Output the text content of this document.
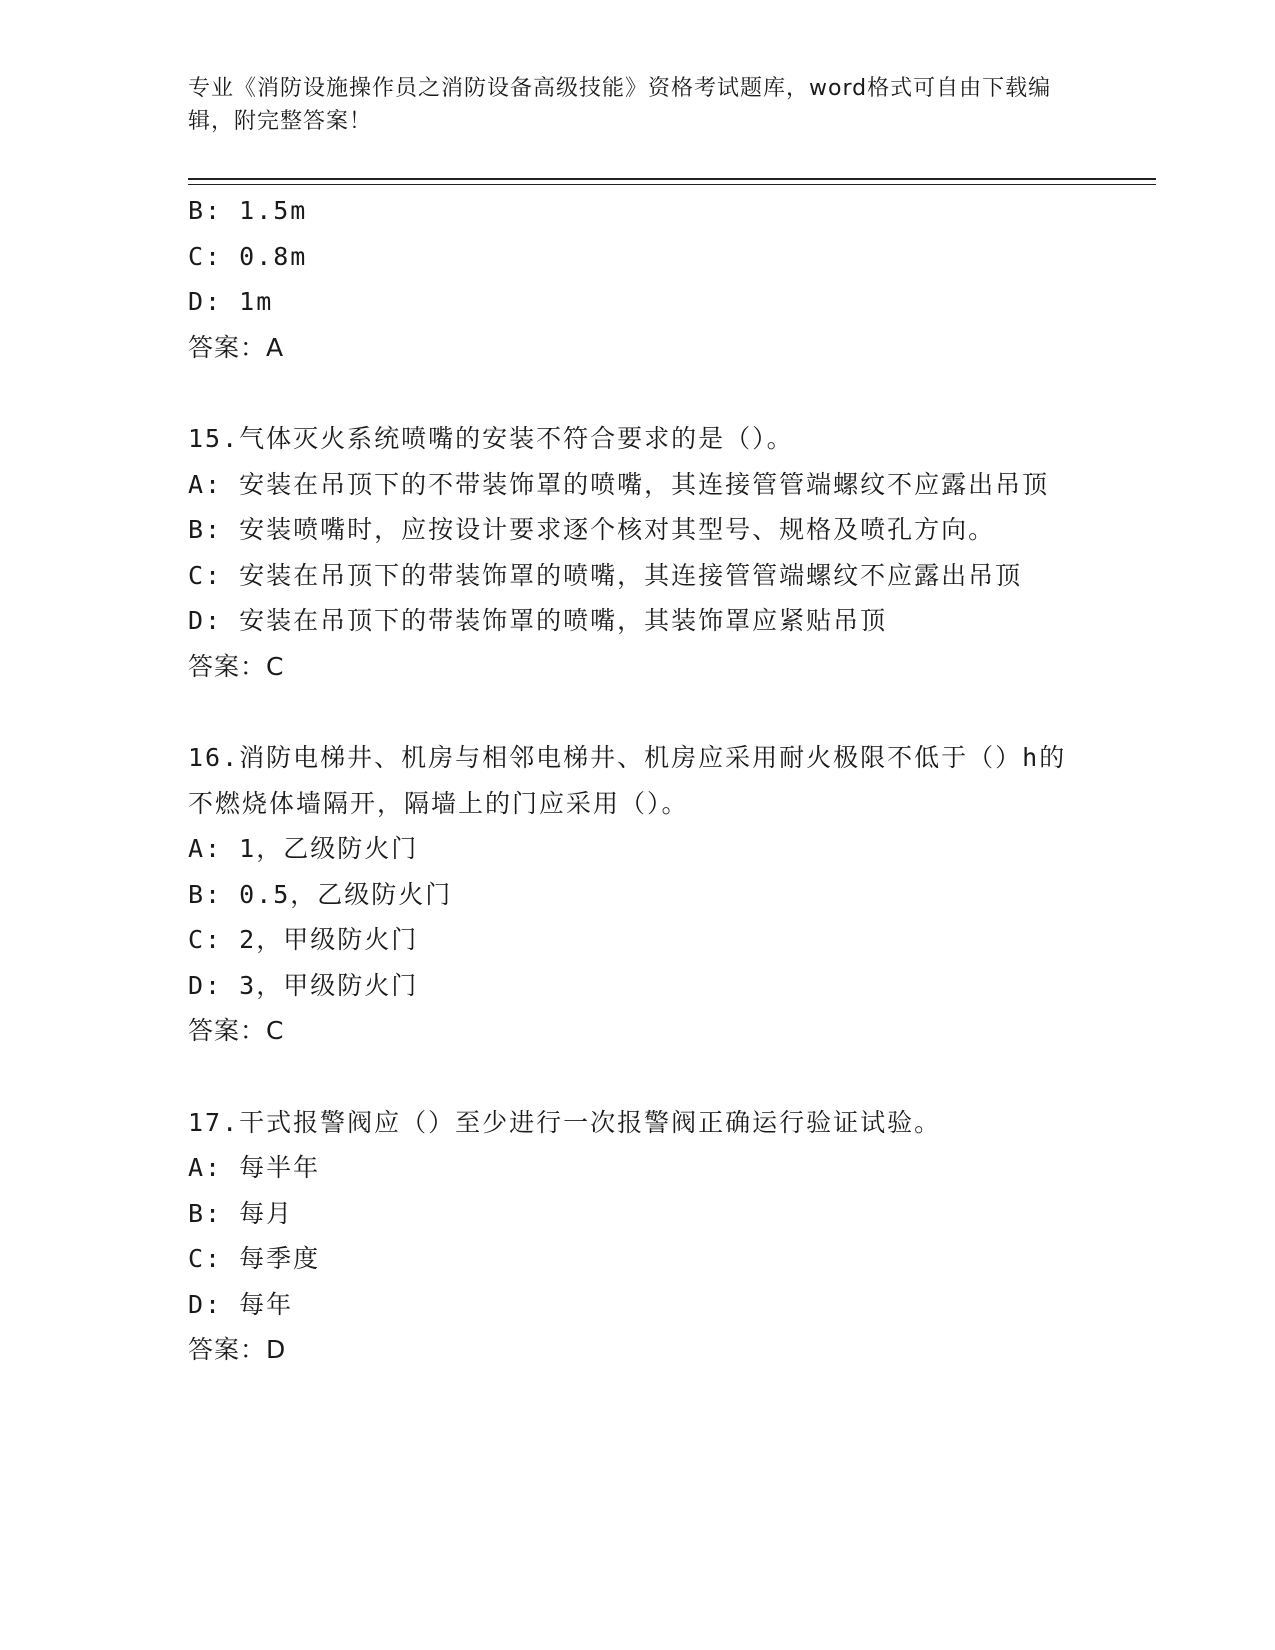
专业《消防设施操作员之消防设备高级技能》资格考试题库，word格式可自由下载编辑，附完整答案！
B: 1.5m
C: 0.8m
D: 1m
答案：A
15.气体灭火系统喷嘴的安装不符合要求的是（）。
A: 安装在吊顶下的不带装饰罩的喷嘴，其连接管管端螺纹不应露出吊顶
B: 安装喷嘴时，应按设计要求逐个核对其型号、规格及喷孔方向。
C: 安装在吊顶下的带装饰罩的喷嘴，其连接管管端螺纹不应露出吊顶
D: 安装在吊顶下的带装饰罩的喷嘴，其装饰罩应紧贴吊顶
答案：C
16.消防电梯井、机房与相邻电梯井、机房应采用耐火极限不低于（）h的不燃烧体墙隔开，隔墙上的门应采用（）。
A: 1，乙级防火门
B: 0.5，乙级防火门
C: 2，甲级防火门
D: 3，甲级防火门
答案：C
17.干式报警阀应（）至少进行一次报警阀正确运行验证试验。
A: 每半年
B: 每月
C: 每季度
D: 每年
答案：D
